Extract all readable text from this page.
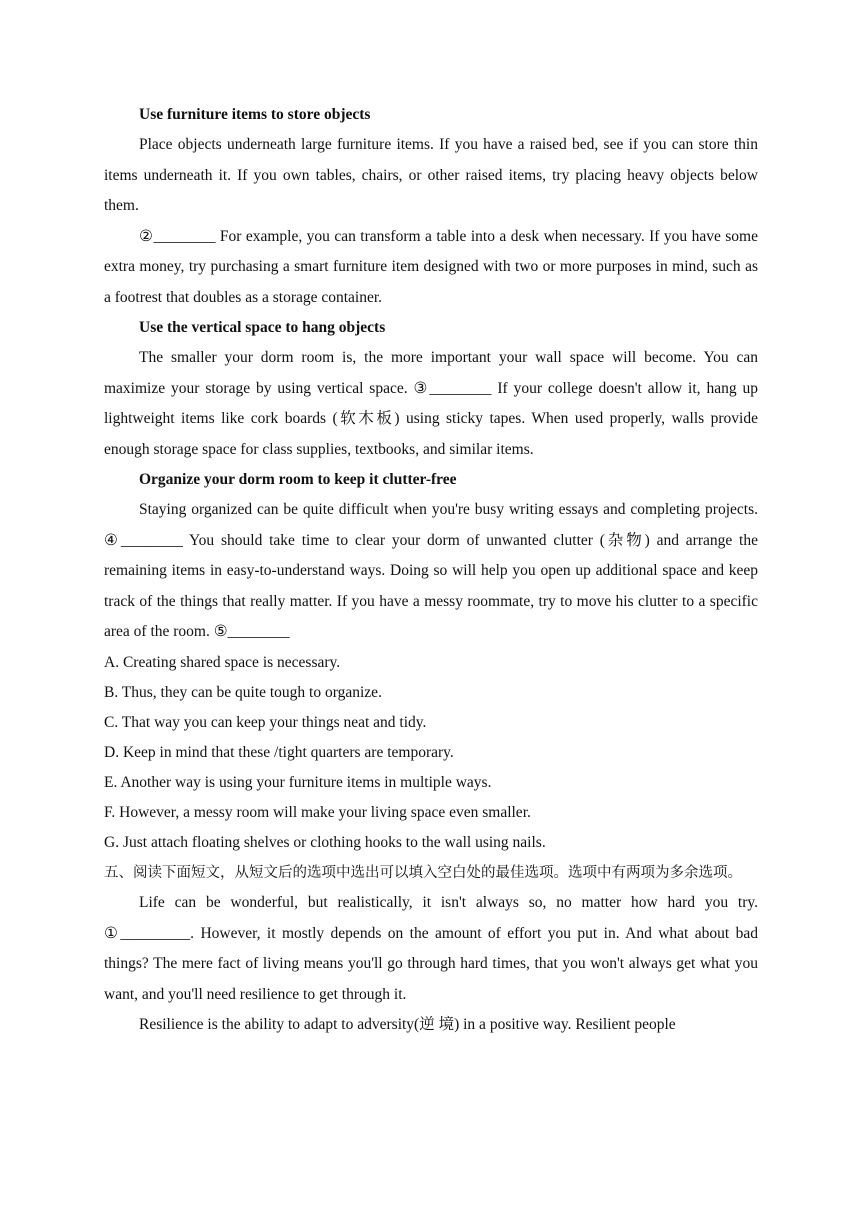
Use furniture items to store objects

Place objects underneath large furniture items. If you have a raised bed, see if you can store thin items underneath it. If you own tables, chairs, or other raised items, try placing heavy objects below them.

②________ For example, you can transform a table into a desk when necessary. If you have some extra money, try purchasing a smart furniture item designed with two or more purposes in mind, such as a footrest that doubles as a storage container.

Use the vertical space to hang objects

The smaller your dorm room is, the more important your wall space will become. You can maximize your storage by using vertical space. ③________ If your college doesn't allow it, hang up lightweight items like cork boards (软木板) using sticky tapes. When used properly, walls provide enough storage space for class supplies, textbooks, and similar items.

Organize your dorm room to keep it clutter-free

Staying organized can be quite difficult when you're busy writing essays and completing projects. ④________ You should take time to clear your dorm of unwanted clutter (杂物) and arrange the remaining items in easy-to-understand ways. Doing so will help you open up additional space and keep track of the things that really matter. If you have a messy roommate, try to move his clutter to a specific area of the room. ⑤________

A. Creating shared space is necessary.

B. Thus, they can be quite tough to organize.

C. That way you can keep your things neat and tidy.

D. Keep in mind that these /tight quarters are temporary.

E. Another way is using your furniture items in multiple ways.

F. However, a messy room will make your living space even smaller.

G. Just attach floating shelves or clothing hooks to the wall using nails.

五、阅读下面短文，从短文后的选项中选出可以填入空白处的最佳选项。选项中有两项为多余选项。

Life can be wonderful, but realistically, it isn't always so, no matter how hard you try. ①_________. However, it mostly depends on the amount of effort you put in. And what about bad things? The mere fact of living means you'll go through hard times, that you won't always get what you want, and you'll need resilience to get through it.

Resilience is the ability to adapt to adversity(逆 境) in a positive way. Resilient people
